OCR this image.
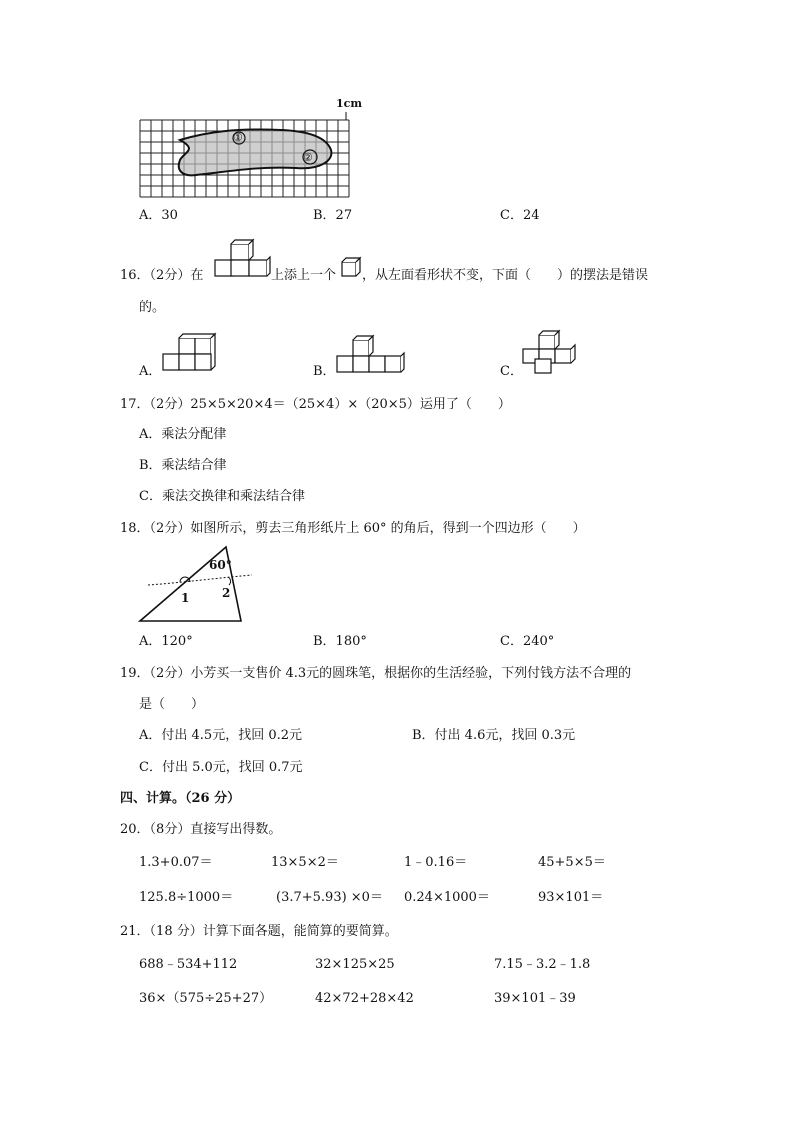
1cm
①
②
A．30	B．27	C．24
16．（2分）在	上添上一个 ，从左面看形状不变，下面（　　）的摆法是错误
的。
A．	B．	C．
17．（2分）25×5×20×4＝（25×4）×（20×5）运用了（　　）
A．乘法分配律
B．乘法结合律
C．乘法交换律和乘法结合律
18．（2分）如图所示，剪去三角形纸片上 60° 的角后，得到一个四边形（　　）
60°
1	2
A．120°	B．180°	C．240°
19．（2分）小芳买一支售价 4.3元的圆珠笔，根据你的生活经验，下列付钱方法不合理的
是（　　）
A．付出 4.5元，找回 0.2元	B．付出 4.6元，找回 0.3元
C．付出 5.0元，找回 0.7元
四、计算。（26 分）
20．（8分）直接写出得数。
1.3+0.07＝	13×5×2＝	1﹣0.16＝	45+5×5＝
125.8÷1000＝	(3.7+5.93) ×0＝ 0.24×1000＝	93×101＝
21．（18 分）计算下面各题，能简算的要简算。
688﹣534+112	32×125×25	7.15﹣3.2﹣1.8
36×（575÷25+27）	42×72+28×42	39×101﹣39
